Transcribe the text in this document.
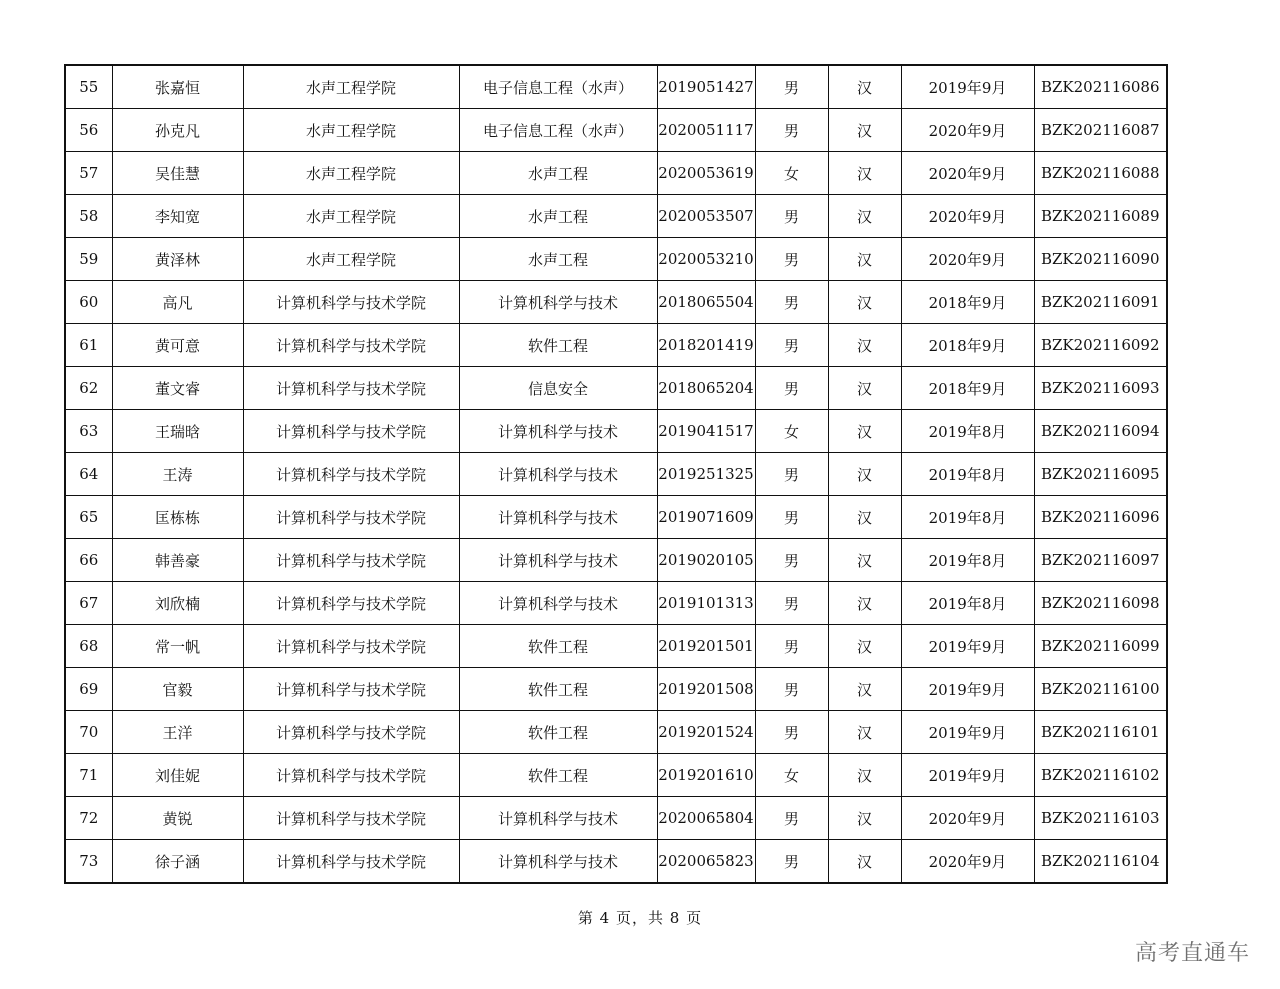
55	张嘉恒	水声工程学院	电子信息工程（水声）	2019051427	男	汉	2019年9月	BZK202116086
56	孙克凡	水声工程学院	电子信息工程（水声）	2020051117	男	汉	2020年9月	BZK202116087
57	吴佳慧	水声工程学院	水声工程	2020053619	女	汉	2020年9月	BZK202116088
58	李知宽	水声工程学院	水声工程	2020053507	男	汉	2020年9月	BZK202116089
59	黄泽林	水声工程学院	水声工程	2020053210	男	汉	2020年9月	BZK202116090
60	高凡	计算机科学与技术学院	计算机科学与技术	2018065504	男	汉	2018年9月	BZK202116091
61	黄可意	计算机科学与技术学院	软件工程	2018201419	男	汉	2018年9月	BZK202116092
62	董文睿	计算机科学与技术学院	信息安全	2018065204	男	汉	2018年9月	BZK202116093
63	王瑞晗	计算机科学与技术学院	计算机科学与技术	2019041517	女	汉	2019年8月	BZK202116094
64	王涛	计算机科学与技术学院	计算机科学与技术	2019251325	男	汉	2019年8月	BZK202116095
65	匡栋栋	计算机科学与技术学院	计算机科学与技术	2019071609	男	汉	2019年8月	BZK202116096
66	韩善豪	计算机科学与技术学院	计算机科学与技术	2019020105	男	汉	2019年8月	BZK202116097
67	刘欣楠	计算机科学与技术学院	计算机科学与技术	2019101313	男	汉	2019年8月	BZK202116098
68	常一帆	计算机科学与技术学院	软件工程	2019201501	男	汉	2019年9月	BZK202116099
69	官毅	计算机科学与技术学院	软件工程	2019201508	男	汉	2019年9月	BZK202116100
70	王洋	计算机科学与技术学院	软件工程	2019201524	男	汉	2019年9月	BZK202116101
71	刘佳妮	计算机科学与技术学院	软件工程	2019201610	女	汉	2019年9月	BZK202116102
72	黄锐	计算机科学与技术学院	计算机科学与技术	2020065804	男	汉	2020年9月	BZK202116103
73	徐子涵	计算机科学与技术学院	计算机科学与技术	2020065823	男	汉	2020年9月	BZK202116104
第 4 页，共 8 页
高考直通车
